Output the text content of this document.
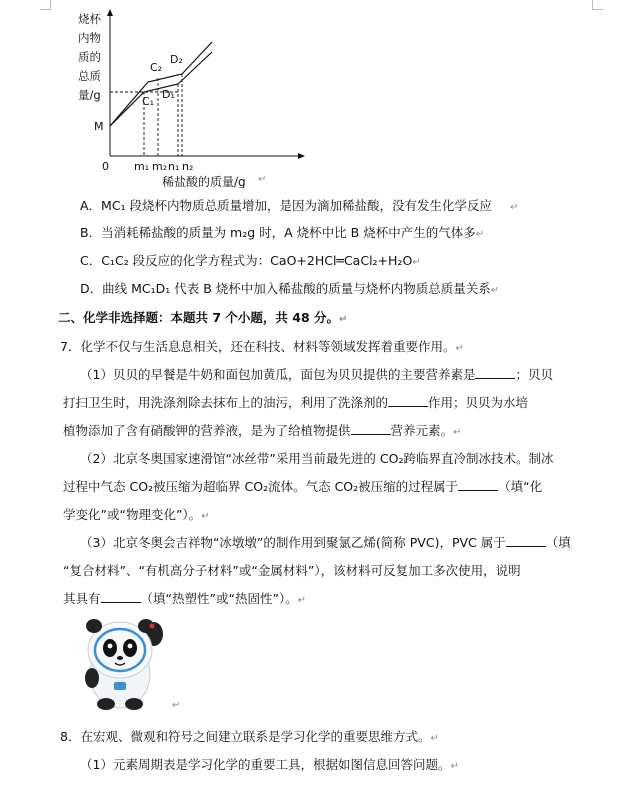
烧杯
内物
质的
总质
量/g
0
M
C₂
D₂
C₁
D₁
m₁ m₂ n₁ n₂
稀盐酸的质量/g ↵
A．MC₁ 段烧杯内物质总质量增加，是因为滴加稀盐酸，没有发生化学反应 ↵
B．当消耗稀盐酸的质量为 m₂g 时，A 烧杯中比 B 烧杯中产生的气体多↵
C．C₁C₂ 段反应的化学方程式为：CaO+2HCl═CaCl₂+H₂O↵
D．曲线 MC₁D₁ 代表 B 烧杯中加入稀盐酸的质量与烧杯内物质总质量关系↵
二、化学非选择题：本题共 7 个小题，共 48 分。↵
7．化学不仅与生活息息相关，还在科技、材料等领域发挥着重要作用。↵
（1）贝贝的早餐是牛奶和面包加黄瓜，面包为贝贝提供的主要营养素是	；贝贝
打扫卫生时，用洗涤剂除去抹布上的油污，利用了洗涤剂的	作用；贝贝为水培
植物添加了含有硝酸钾的营养液，是为了给植物提供	营养元素。↵
（2）北京冬奥国家速滑馆“冰丝带”采用当前最先进的 CO₂跨临界直冷制冰技术。制冰
过程中气态 CO₂被压缩为超临界 CO₂流体。气态 CO₂被压缩的过程属于	（填“化
学变化”或“物理变化”）。↵
（3）北京冬奥会吉祥物“冰墩墩”的制作用到聚氯乙烯(简称 PVC)，PVC 属于	（填
“复合材料”、“有机高分子材料”或“金属材料”），该材料可反复加工多次使用，说明
其具有	（填“热塑性”或“热固性”）。↵
↵
8．在宏观、微观和符号之间建立联系是学习化学的重要思维方式。↵
（1）元素周期表是学习化学的重要工具，根据如图信息回答问题。↵
